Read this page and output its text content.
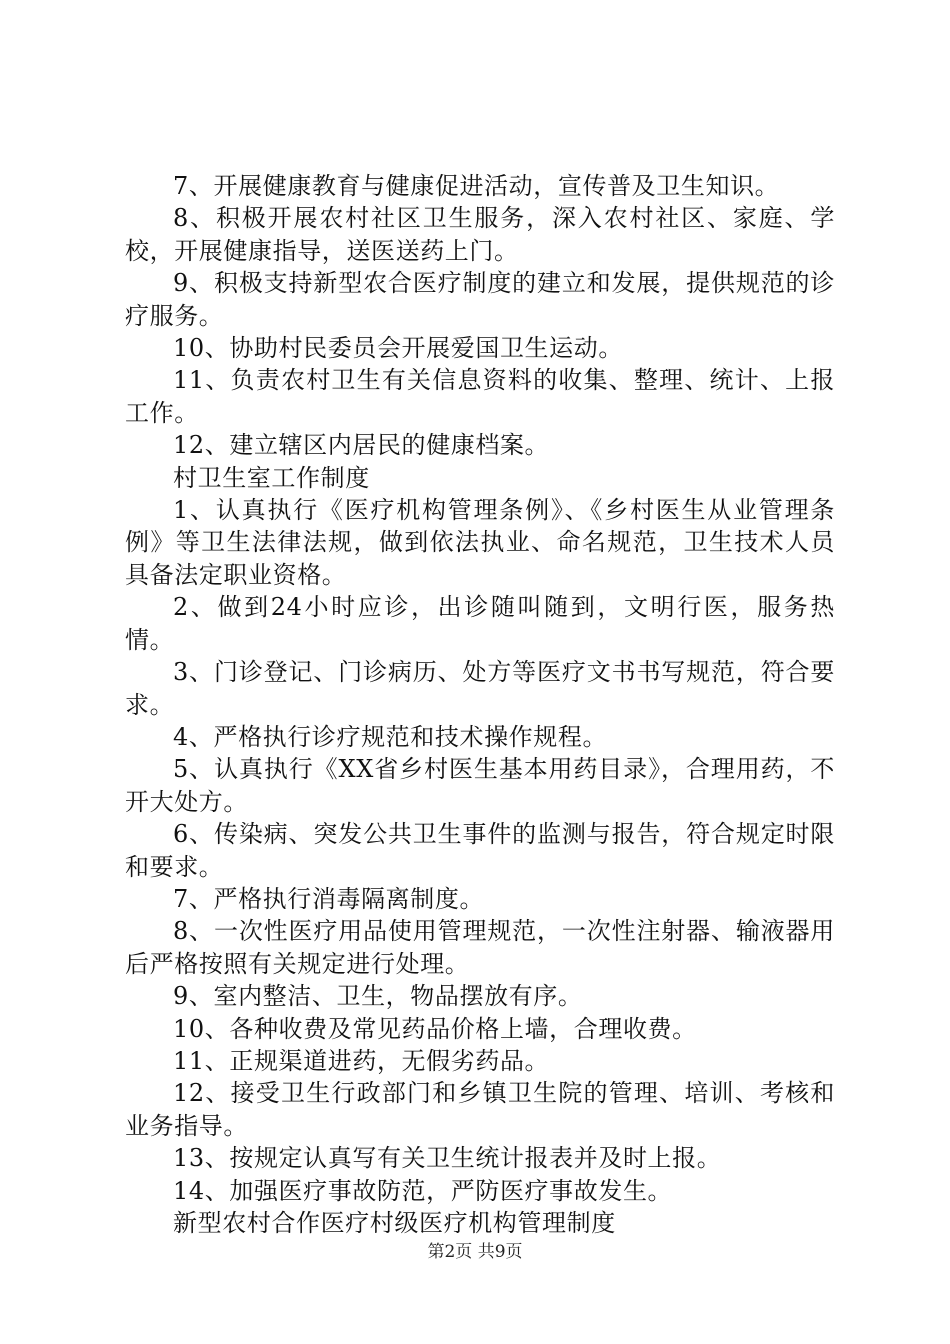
7、开展健康教育与健康促进活动，宣传普及卫生知识。

8、积极开展农村社区卫生服务，深入农村社区、家庭、学校，开展健康指导，送医送药上门。

9、积极支持新型农合医疗制度的建立和发展，提供规范的诊疗服务。

10、协助村民委员会开展爱国卫生运动。

11、负责农村卫生有关信息资料的收集、整理、统计、上报工作。

12、建立辖区内居民的健康档案。

村卫生室工作制度

1、认真执行《医疗机构管理条例》、《乡村医生从业管理条例》等卫生法律法规，做到依法执业、命名规范，卫生技术人员具备法定职业资格。

2、做到24小时应诊，出诊随叫随到，文明行医，服务热情。

3、门诊登记、门诊病历、处方等医疗文书书写规范，符合要求。

4、严格执行诊疗规范和技术操作规程。

5、认真执行《XX省乡村医生基本用药目录》，合理用药，不开大处方。

6、传染病、突发公共卫生事件的监测与报告，符合规定时限和要求。

7、严格执行消毒隔离制度。

8、一次性医疗用品使用管理规范，一次性注射器、输液器用后严格按照有关规定进行处理。

9、室内整洁、卫生，物品摆放有序。

10、各种收费及常见药品价格上墙，合理收费。

11、正规渠道进药，无假劣药品。

12、接受卫生行政部门和乡镇卫生院的管理、培训、考核和业务指导。

13、按规定认真写有关卫生统计报表并及时上报。

14、加强医疗事故防范，严防医疗事故发生。

新型农村合作医疗村级医疗机构管理制度

第2页 共9页
